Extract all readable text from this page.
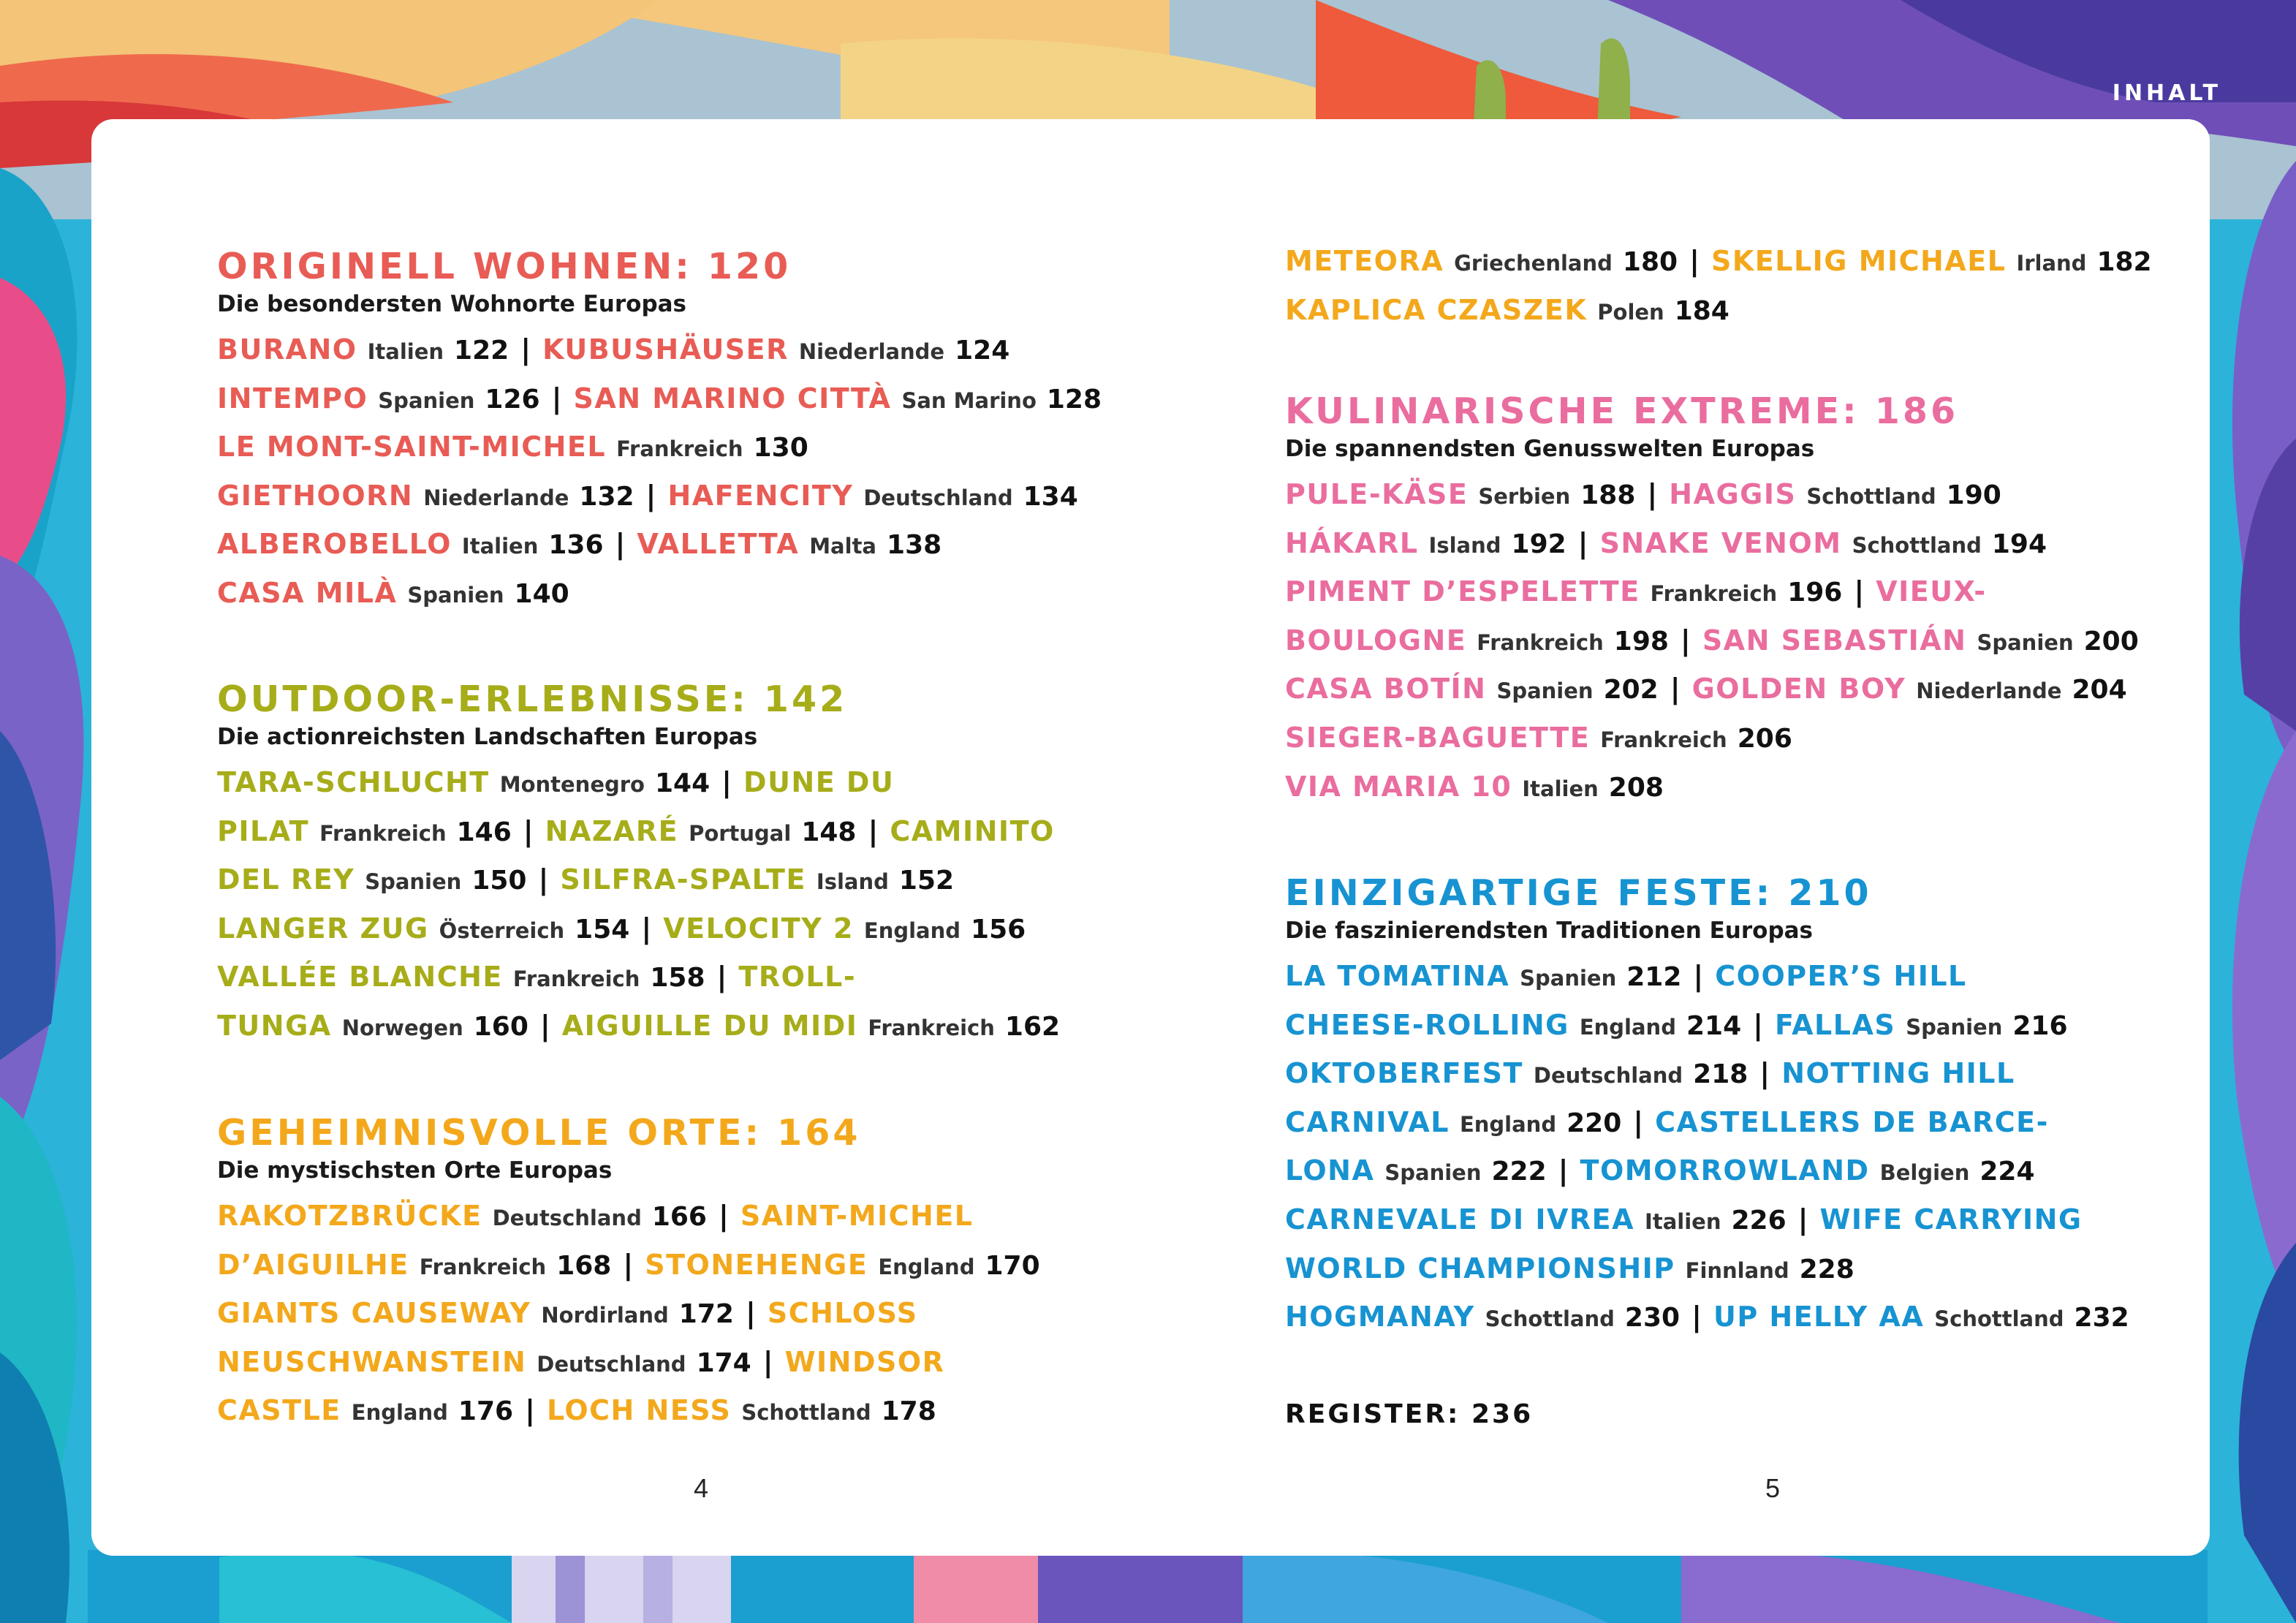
INHALT
ORIGINELL WOHNEN: 120
Die besondersten Wohnorte Europas
BURANO Italien 122 | KUBUSHÄUSER Niederlande 124
INTEMPO Spanien 126 | SAN MARINO CITTÀ San Marino 128
LE MONT-SAINT-MICHEL Frankreich 130
GIETHOORN Niederlande 132 | HAFENCITY Deutschland 134
ALBEROBELLO Italien 136 | VALLETTA Malta 138
CASA MILÀ Spanien 140
OUTDOOR-ERLEBNISSE: 142
Die actionreichsten Landschaften Europas
TARA-SCHLUCHT Montenegro 144 | DUNE DU
PILAT Frankreich 146 | NAZARÉ Portugal 148 | CAMINITO
DEL REY Spanien 150 | SILFRA-SPALTE Island 152
LANGER ZUG Österreich 154 | VELOCITY 2 England 156
VALLÉE BLANCHE Frankreich 158 | TROLL-
TUNGA Norwegen 160 | AIGUILLE DU MIDI Frankreich 162
GEHEIMNISVOLLE ORTE: 164
Die mystischsten Orte Europas
RAKOTZBRÜCKE Deutschland 166 | SAINT-MICHEL
D’AIGUILHE Frankreich 168 | STONEHENGE England 170
GIANTS CAUSEWAY Nordirland 172 | SCHLOSS
NEUSCHWANSTEIN Deutschland 174 | WINDSOR
CASTLE England 176 | LOCH NESS Schottland 178
4
METEORA Griechenland 180 | SKELLIG MICHAEL Irland 182
KAPLICA CZASZEK Polen 184
KULINARISCHE EXTREME: 186
Die spannendsten Genusswelten Europas
PULE-KÄSE Serbien 188 | HAGGIS Schottland 190
HÁKARL Island 192 | SNAKE VENOM Schottland 194
PIMENT D’ESPELETTE Frankreich 196 | VIEUX-
BOULOGNE Frankreich 198 | SAN SEBASTIÁN Spanien 200
CASA BOTÍN Spanien 202 | GOLDEN BOY Niederlande 204
SIEGER-BAGUETTE Frankreich 206
VIA MARIA 10 Italien 208
EINZIGARTIGE FESTE: 210
Die faszinierendsten Traditionen Europas
LA TOMATINA Spanien 212 | COOPER’S HILL
CHEESE-ROLLING England 214 | FALLAS Spanien 216
OKTOBERFEST Deutschland 218 | NOTTING HILL
CARNIVAL England 220 | CASTELLERS DE BARCE-
LONA Spanien 222 | TOMORROWLAND Belgien 224
CARNEVALE DI IVREA Italien 226 | WIFE CARRYING
WORLD CHAMPIONSHIP Finnland 228
HOGMANAY Schottland 230 | UP HELLY AA Schottland 232
REGISTER: 236
5
